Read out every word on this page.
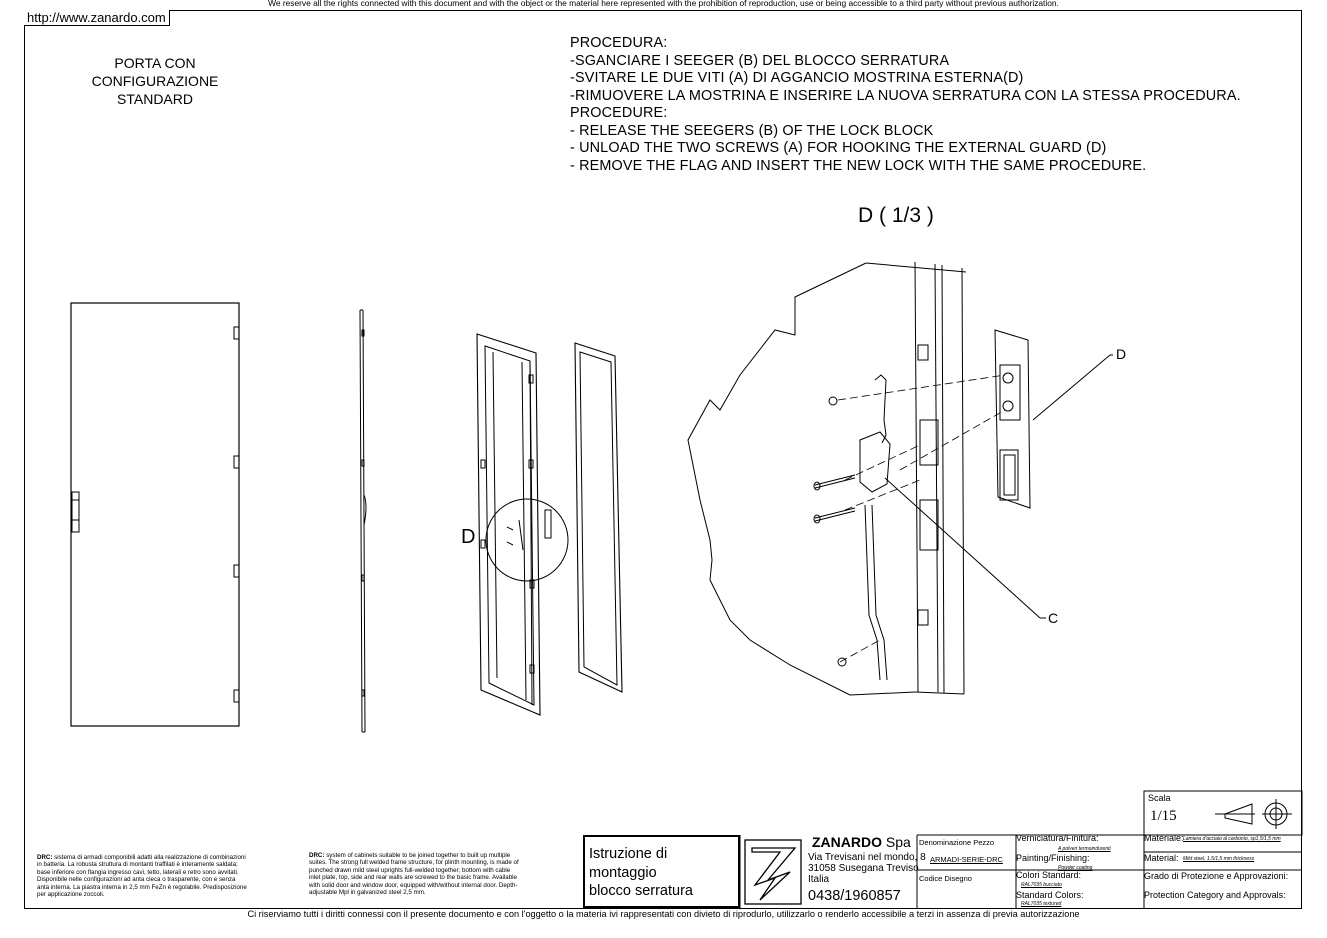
We reserve all the rights connected with this document and with the object or the material here represented with the prohibition of reproduction, use or being accessible to a third party without previous authorization.
http://www.zanardo.com
PORTA CON
CONFIGURAZIONE
STANDARD
PROCEDURA:
-SGANCIARE I SEEGER (B) DEL BLOCCO SERRATURA
-SVITARE LE DUE VITI (A) DI AGGANCIO MOSTRINA ESTERNA(D)
-RIMUOVERE LA MOSTRINA E INSERIRE LA NUOVA SERRATURA CON LA STESSA PROCEDURA.
PROCEDURE:
- RELEASE THE SEEGERS (B) OF THE LOCK BLOCK
- UNLOAD THE TWO SCREWS (A) FOR HOOKING THE EXTERNAL GUARD (D)
- REMOVE THE FLAG AND INSERT THE NEW LOCK WITH THE SAME PROCEDURE.
D ( 1/3 )
D
D
C
DRC: sistema di armadi componibili adatti alla realizzazione di combinazioni in batteria. La robusta struttura di montanti traffilati è interamente saldata; base inferiore con flangia ingresso cavi, tetto, laterali e retro sono avvitati. Disponibile nelle configurazioni ad anta cieca o trasparente, con e senza anta interna. La piastra interna in 2,5 mm FeZn è regolabile. Predisposizione per applicazione zoccoli.
DRC: system of cabinets suitable to be joined together to built up multiple suites. The strong full welded frame structure, for plinth mounting, is made of punched drawn mild steel uprights full-welded together; bottom with cable inlet plate, top, side and rear walls are screwed to the basic frame. Available with solid door and window door, equipped with/without internal door. Depth-adjustable Mpl in galvanized steel 2,5 mm.
Istruzione di
montaggio
blocco serratura
ZANARDO Spa
Via Trevisani nel mondo, 8
31058 Susegana Treviso
Italia
0438/1960857
Denominazione Pezzo
ARMADI-SERIE-DRC
Codice Disegno
Verniciatura/Finitura:
A polveri termoindurenti
Painting/Finishing:
Powder coating
Colori Standard:
RAL7035 bucciato
Standard Colors:
RAL7035 textured
Materiale: Lamiera d'acciaio al carbonio, sp1,5/1,5 mm
Material: Mild steel, 1,5/1,5 mm thickness
Grado di Protezione e Approvazioni:
Protection Category and Approvals:
Scala
1/15
Ci riserviamo tutti i diritti connessi con il presente documento e con l'oggetto o la materia ivi rappresentati con divieto di riprodurlo, utilizzarlo o renderlo accessibile a terzi in assenza di previa autorizzazione
